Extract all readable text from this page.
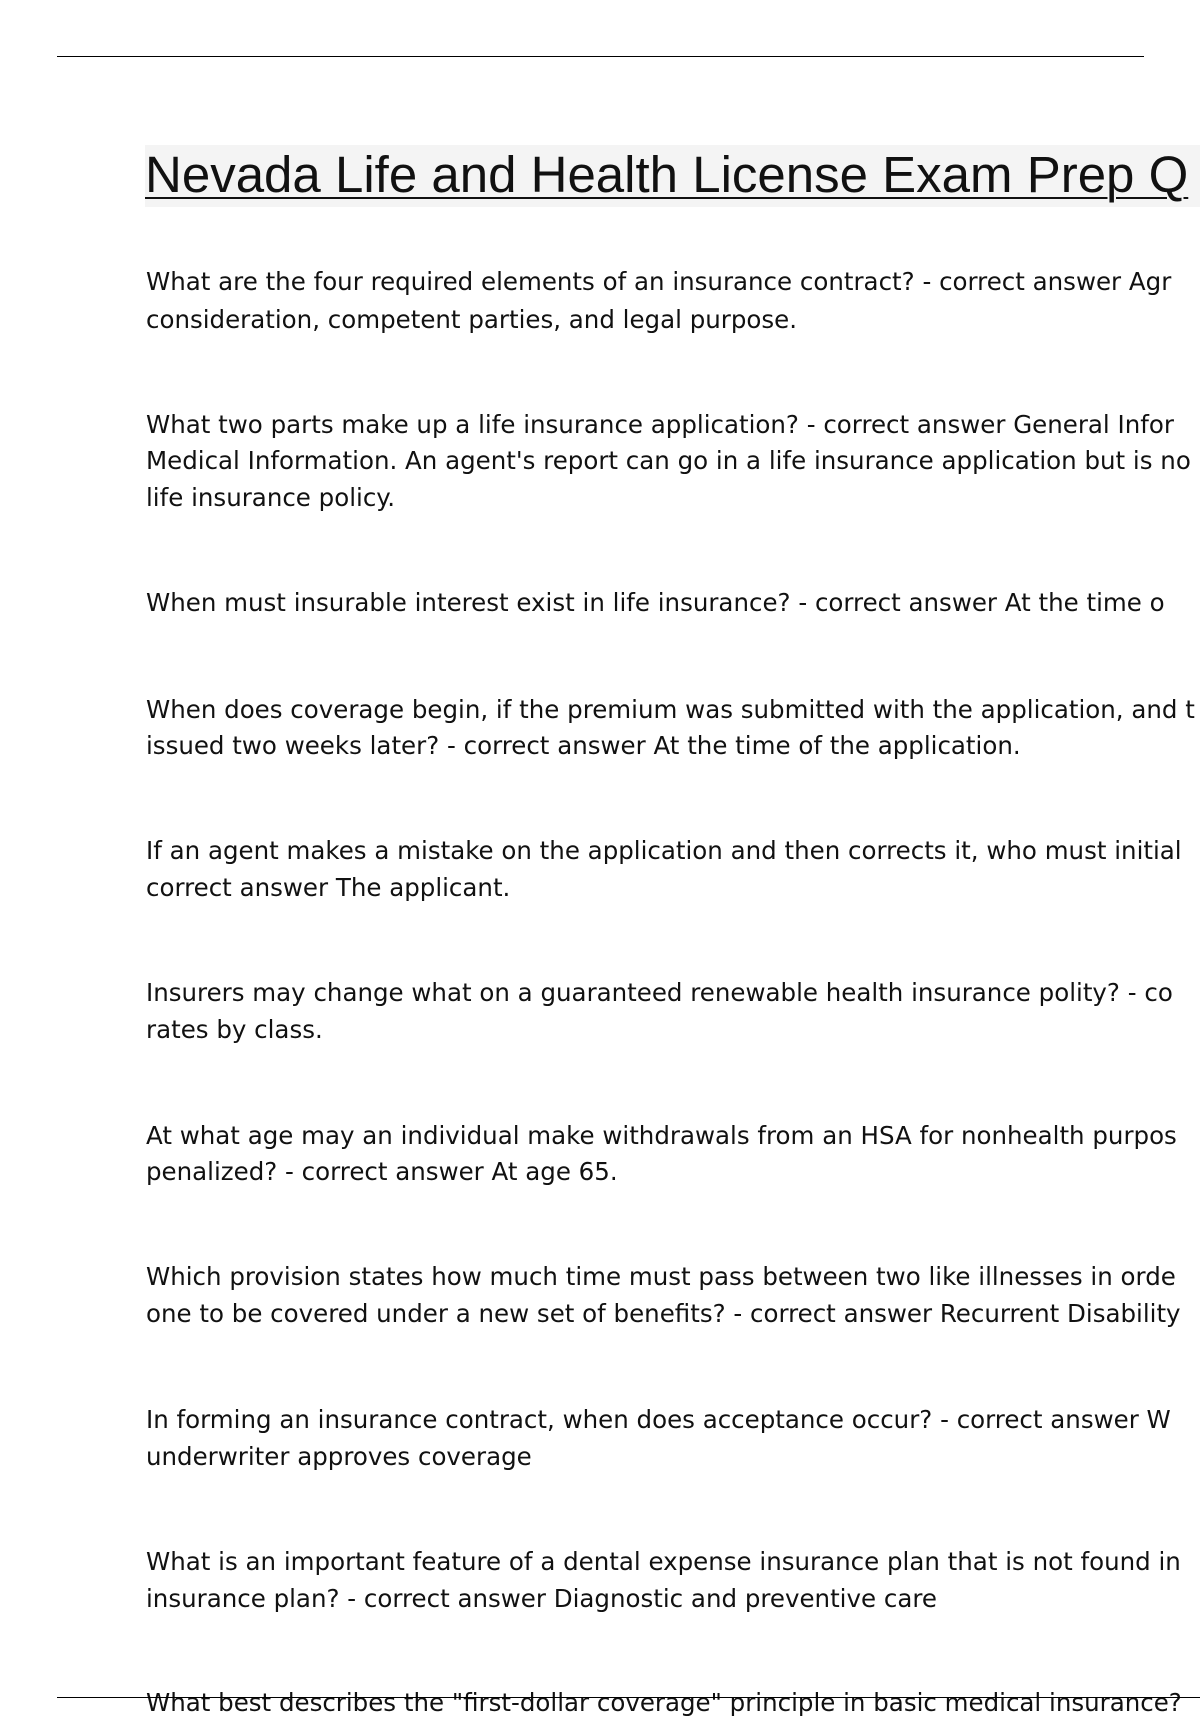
Nevada Life and Health License Exam Prep Q

What are the four required elements of an insurance contract? - correct answer Agr

consideration, competent parties, and legal purpose.

What two parts make up a life insurance application? - correct answer General Infor

Medical Information. An agent's report can go in a life insurance application but is no

life insurance policy.

When must insurable interest exist in life insurance? - correct answer At the time o

When does coverage begin, if the premium was submitted with the application, and t

issued two weeks later? - correct answer At the time of the application.

If an agent makes a mistake on the application and then corrects it, who must initial

correct answer The applicant.

Insurers may change what on a guaranteed renewable health insurance polity? - co

rates by class.

At what age may an individual make withdrawals from an HSA for nonhealth purpos

penalized? - correct answer At age 65.

Which provision states how much time must pass between two like illnesses in orde

one to be covered under a new set of benefits? - correct answer Recurrent Disability

In forming an insurance contract, when does acceptance occur? - correct answer W

underwriter approves coverage

What is an important feature of a dental expense insurance plan that is not found in

insurance plan? - correct answer Diagnostic and preventive care

What best describes the "first-dollar coverage" principle in basic medical insurance?
